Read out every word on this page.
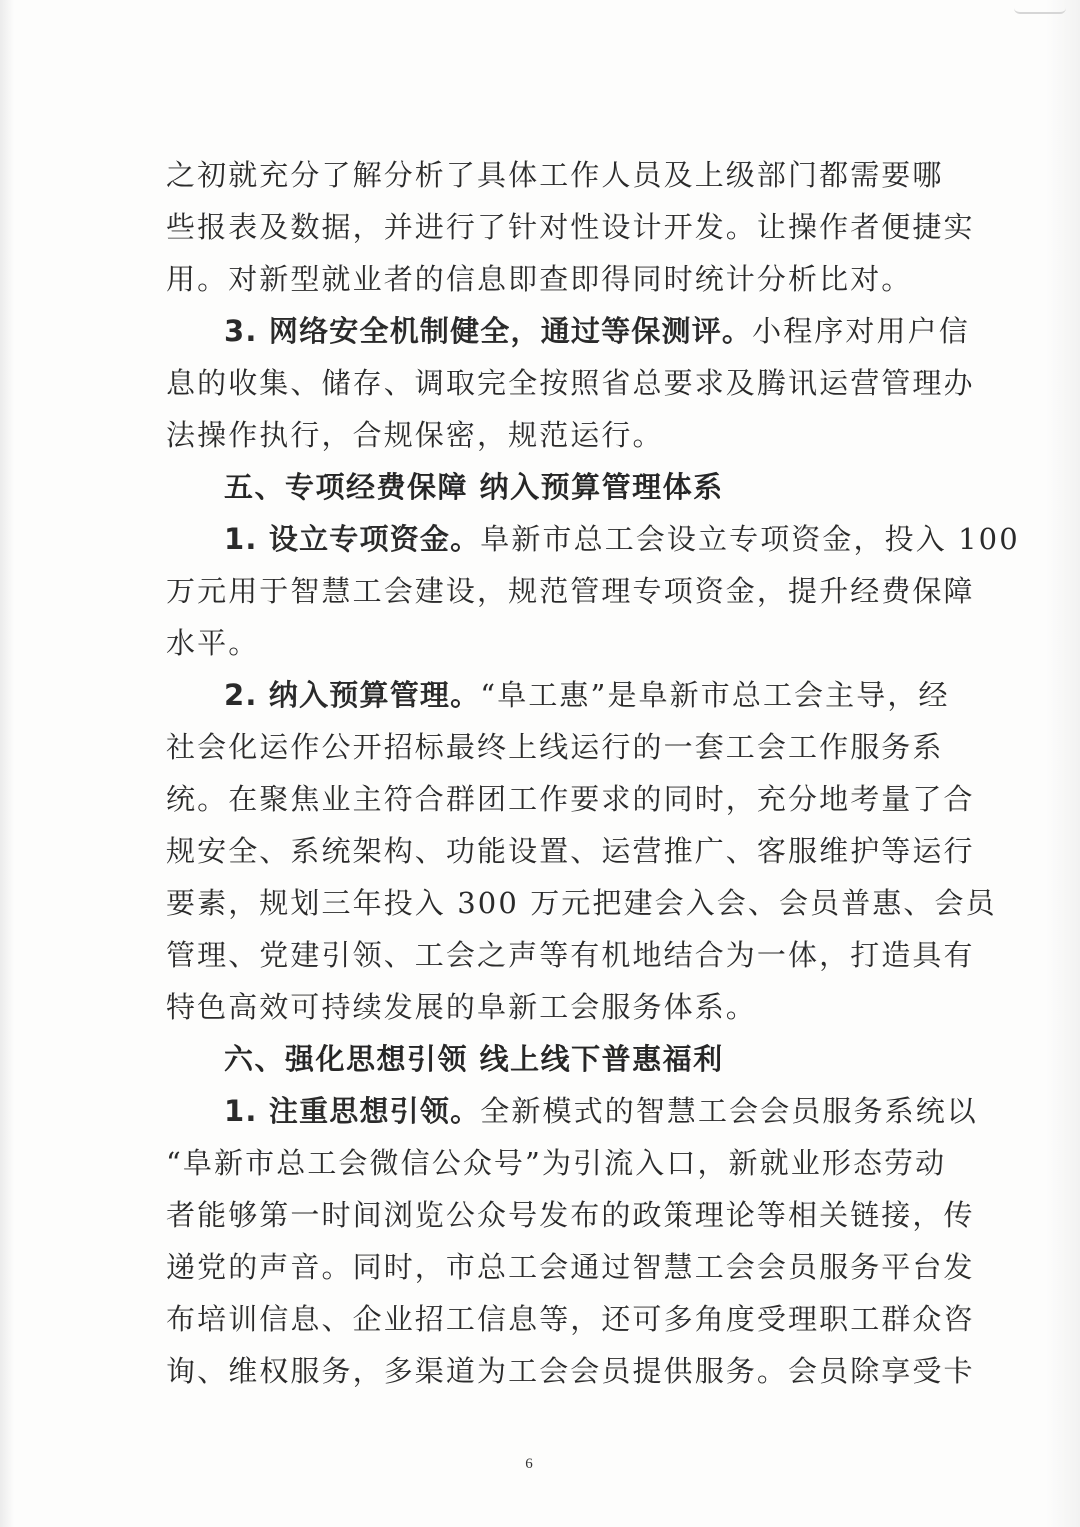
之初就充分了解分析了具体工作人员及上级部门都需要哪
些报表及数据，并进行了针对性设计开发。让操作者便捷实
用。对新型就业者的信息即查即得同时统计分析比对。
3. 网络安全机制健全，通过等保测评。小程序对用户信
息的收集、储存、调取完全按照省总要求及腾讯运营管理办
法操作执行，合规保密，规范运行。
五、专项经费保障 纳入预算管理体系
1. 设立专项资金。阜新市总工会设立专项资金，投入 100
万元用于智慧工会建设，规范管理专项资金，提升经费保障
水平。
2. 纳入预算管理。“阜工惠”是阜新市总工会主导，经
社会化运作公开招标最终上线运行的一套工会工作服务系
统。在聚焦业主符合群团工作要求的同时，充分地考量了合
规安全、系统架构、功能设置、运营推广、客服维护等运行
要素，规划三年投入 300 万元把建会入会、会员普惠、会员
管理、党建引领、工会之声等有机地结合为一体，打造具有
特色高效可持续发展的阜新工会服务体系。
六、强化思想引领 线上线下普惠福利
1. 注重思想引领。全新模式的智慧工会会员服务系统以
“阜新市总工会微信公众号”为引流入口，新就业形态劳动
者能够第一时间浏览公众号发布的政策理论等相关链接，传
递党的声音。同时，市总工会通过智慧工会会员服务平台发
布培训信息、企业招工信息等，还可多角度受理职工群众咨
询、维权服务，多渠道为工会会员提供服务。会员除享受卡
6
